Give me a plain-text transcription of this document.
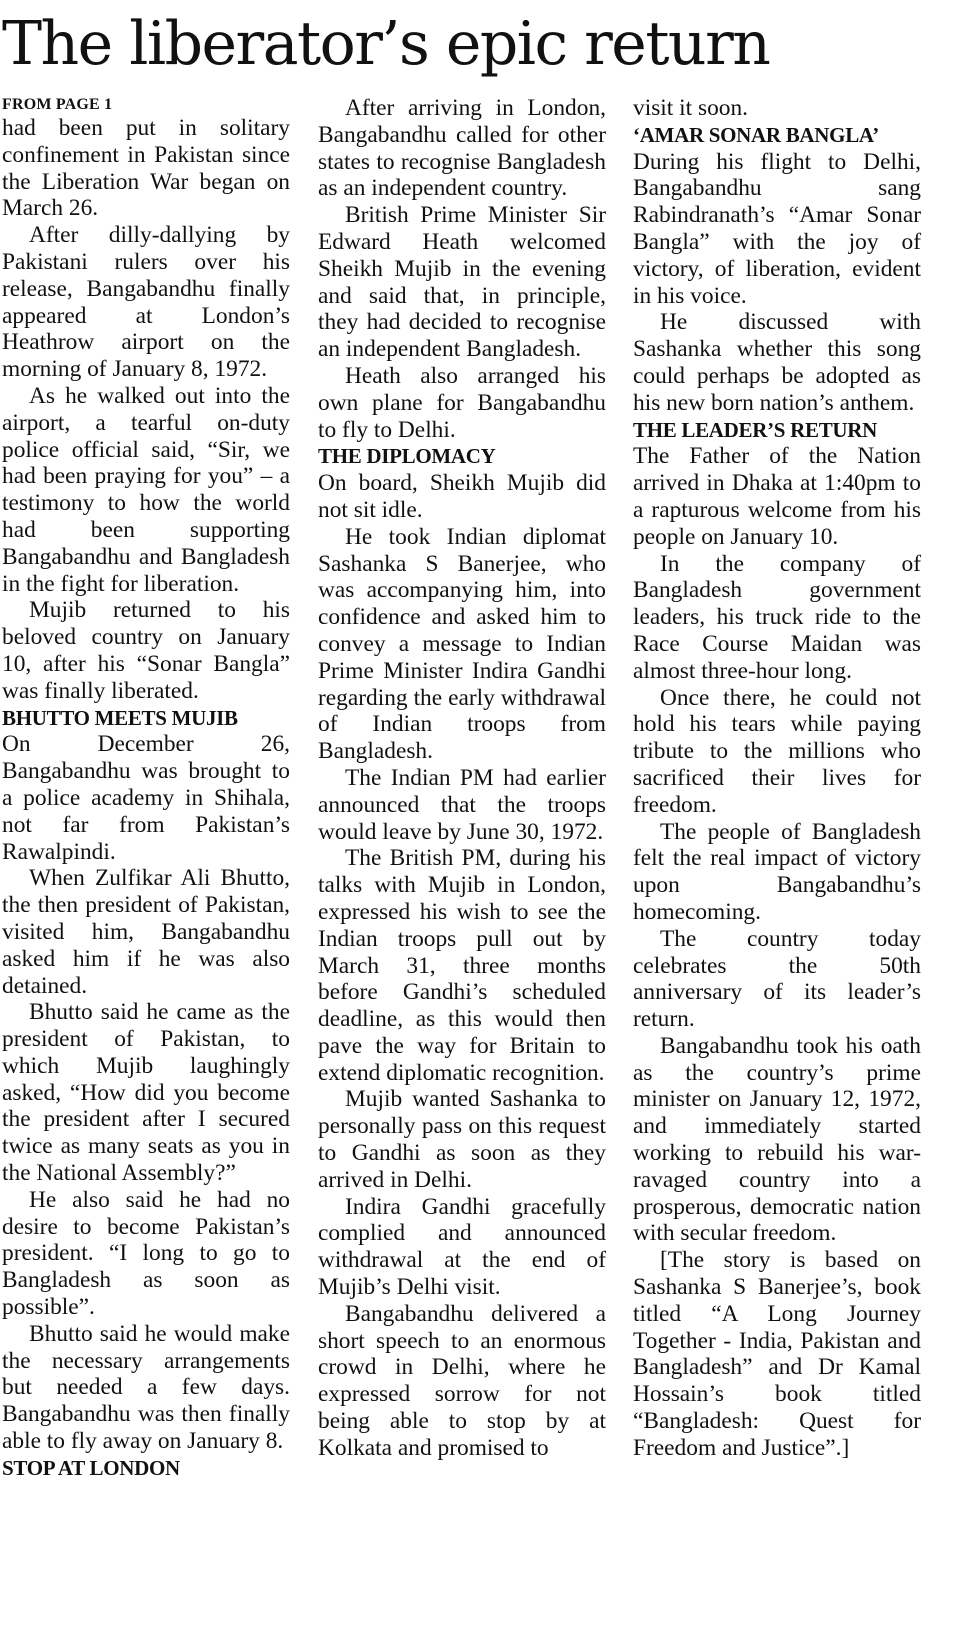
The liberator’s epic return
FROM PAGE 1

had been put in solitary confinement in Pakistan since the Liberation War began on March 26.

After dilly-dallying by Pakistani rulers over his release, Bangabandhu finally appeared at London’s Heathrow airport on the morning of January 8, 1972.

As he walked out into the airport, a tearful on-duty police official said, “Sir, we had been praying for you” – a testimony to how the world had been supporting Bangabandhu and Bangladesh in the fight for liberation.

Mujib returned to his beloved country on January 10, after his “Sonar Bangla” was finally liberated.

BHUTTO MEETS MUJIB

On December 26, Bangabandhu was brought to a police academy in Shihala, not far from Pakistan’s Rawalpindi.

When Zulfikar Ali Bhutto, the then president of Pakistan, visited him, Bangabandhu asked him if he was also detained.

Bhutto said he came as the president of Pakistan, to which Mujib laughingly asked, “How did you become the president after I secured twice as many seats as you in the National Assembly?”

He also said he had no desire to become Pakistan’s president. “I long to go to Bangladesh as soon as possible”.

Bhutto said he would make the necessary arrangements but needed a few days. Bangabandhu was then finally able to fly away on January 8.

STOP AT LONDON

After arriving in London, Bangabandhu called for other states to recognise Bangladesh as an independent country.

British Prime Minister Sir Edward Heath welcomed Sheikh Mujib in the evening and said that, in principle, they had decided to recognise an independent Bangladesh.

Heath also arranged his own plane for Bangabandhu to fly to Delhi.

THE DIPLOMACY

On board, Sheikh Mujib did not sit idle.

He took Indian diplomat Sashanka S Banerjee, who was accompanying him, into confidence and asked him to convey a message to Indian Prime Minister Indira Gandhi regarding the early withdrawal of Indian troops from Bangladesh.

The Indian PM had earlier announced that the troops would leave by June 30, 1972.

The British PM, during his talks with Mujib in London, expressed his wish to see the Indian troops pull out by March 31, three months before Gandhi’s scheduled deadline, as this would then pave the way for Britain to extend diplomatic recognition.

Mujib wanted Sashanka to personally pass on this request to Gandhi as soon as they arrived in Delhi.

Indira Gandhi gracefully complied and announced withdrawal at the end of Mujib’s Delhi visit.

Bangabandhu delivered a short speech to an enormous crowd in Delhi, where he expressed sorrow for not being able to stop by at Kolkata and promised to

visit it soon.

‘AMAR SONAR BANGLA’

During his flight to Delhi, Bangabandhu sang Rabindranath’s “Amar Sonar Bangla” with the joy of victory, of liberation, evident in his voice.

He discussed with Sashanka whether this song could perhaps be adopted as his new born nation’s anthem.

THE LEADER’S RETURN

The Father of the Nation arrived in Dhaka at 1:40pm to a rapturous welcome from his people on January 10.

In the company of Bangladesh government leaders, his truck ride to the Race Course Maidan was almost three-hour long.

Once there, he could not hold his tears while paying tribute to the millions who sacrificed their lives for freedom.

The people of Bangladesh felt the real impact of victory upon Bangabandhu’s homecoming.

The country today celebrates the 50th anniversary of its leader’s return.

Bangabandhu took his oath as the country’s prime minister on January 12, 1972, and immediately started working to rebuild his war-ravaged country into a prosperous, democratic nation with secular freedom.

[The story is based on Sashanka S Banerjee’s, book titled “A Long Journey Together - India, Pakistan and Bangladesh” and Dr Kamal Hossain’s book titled “Bangladesh: Quest for Freedom and Justice”.]
